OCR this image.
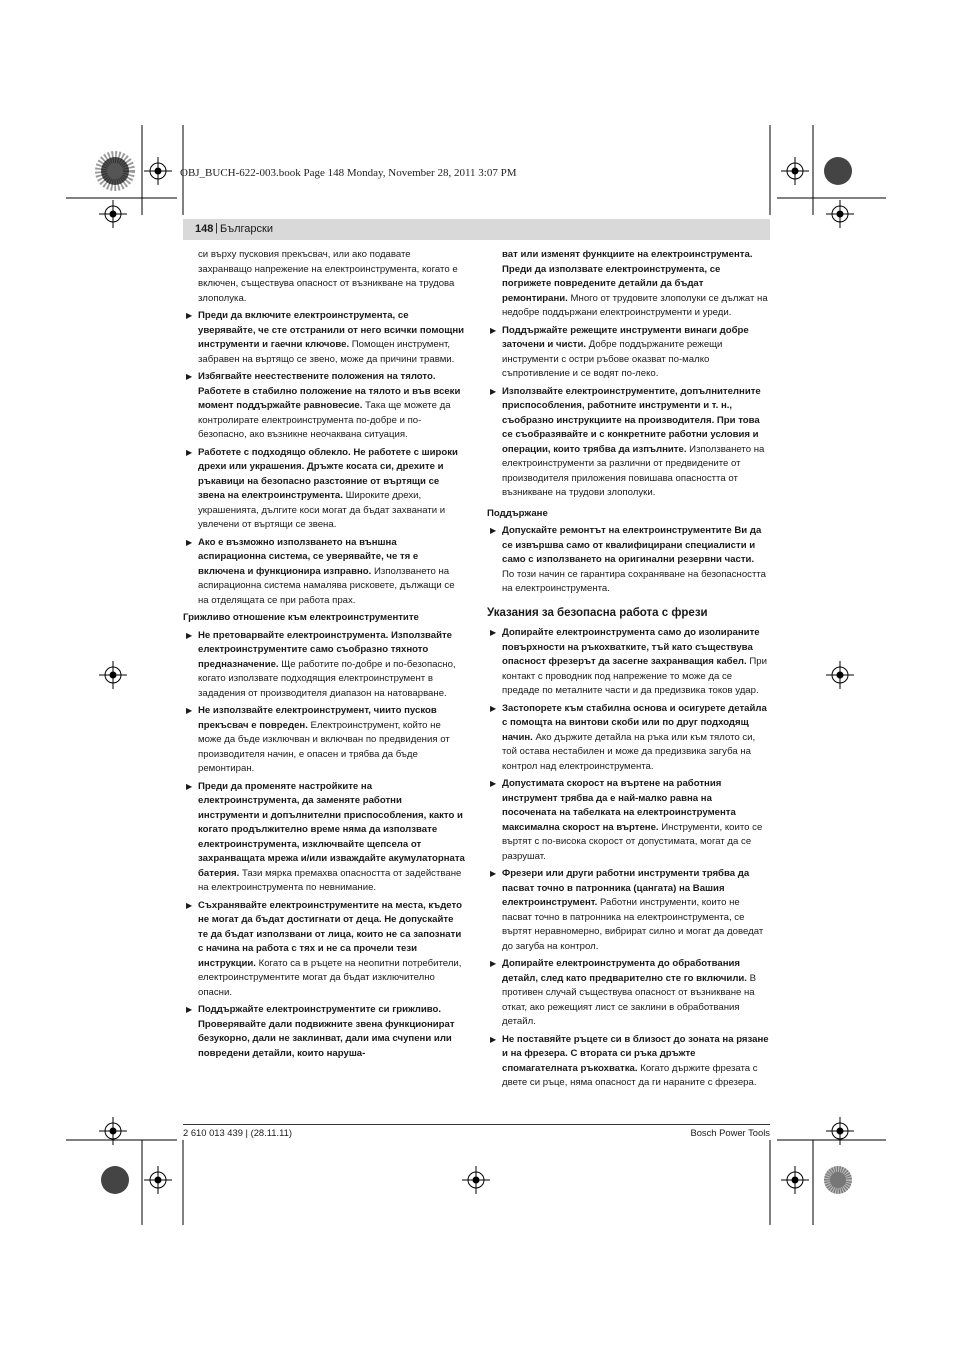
OBJ_BUCH-622-003.book Page 148 Monday, November 28, 2011 3:07 PM
148 | Български
си върху пусковия прекъсвач, или ако подавате захранващо напрежение на електроинструмента, когато е включен, съществува опасност от възникване на трудова злополука.
▶ Преди да включите електроинструмента, се уверявайте, че сте отстранили от него всички помощни инструменти и гаечни ключове. Помощен инструмент, забравен на въртящо се звено, може да причини травми.
▶ Избягвайте неестествените положения на тялото. Работете в стабилно положение на тялото и във всеки момент поддържайте равновесие. Така ще можете да контролирате електроинструмента по-добре и по-безопасно, ако възникне неочаквана ситуация.
▶ Работете с подходящо облекло. Не работете с широки дрехи или украшения. Дръжте косата си, дрехите и ръкавици на безопасно разстояние от въртящи се звена на електроинструмента. Широките дрехи, украшенията, дългите коси могат да бъдат захванати и увлечени от въртящи се звена.
▶ Ако е възможно използването на външна аспирационна система, се уверявайте, че тя е включена и функционира изправно. Използването на аспирационна система намалява рисковете, дължащи се на отделящата се при работа прах.
Грижливо отношение към електроинструментите
▶ Не претоварвайте електроинструмента. Използвайте електроинструментите само съобразно тяхното предназначение. Ще работите по-добре и по-безопасно, когато използвате подходящия електроинструмент в зададения от производителя диапазон на натоварване.
▶ Не използвайте електроинструмент, чиито пусков прекъсвач е повреден. Електроинструмент, който не може да бъде изключван и включван по предвидения от производителя начин, е опасен и трябва да бъде ремонтиран.
▶ Преди да променяте настройките на електроинструмента, да заменяте работни инструменти и допълнителни приспособления, както и когато продължително време няма да използвате електроинструмента, изключвайте щепсела от захранващата мрежа и/или изваждайте акумулаторната батерия. Тази мярка премахва опасността от задействане на електроинструмента по невнимание.
▶ Съхранявайте електроинструментите на места, където не могат да бъдат достигнати от деца. Не допускайте те да бъдат използвани от лица, които не са запознати с начина на работа с тях и не са прочели тези инструкции. Когато са в ръцете на неопитни потребители, електроинструментите могат да бъдат изключително опасни.
▶ Поддържайте електроинструментите си грижливо. Проверявайте дали подвижните звена функционират безукорно, дали не заклинват, дали има счупени или повредени детайли, които наруша-
ват или изменят функциите на електроинструмента. Преди да използвате електроинструмента, се погрижете повредените детайли да бъдат ремонтирани. Много от трудовите злополуки се дължат на недобре поддържани електроинструменти и уреди.
▶ Поддържайте режещите инструменти винаги добре заточени и чисти. Добре поддържаните режещи инструменти с остри ръбове оказват по-малко съпротивление и се водят по-леко.
▶ Използвайте електроинструментите, допълнителните приспособления, работните инструменти и т. н., съобразно инструкциите на производителя. При това се съобразявайте и с конкретните работни условия и операции, които трябва да изпълните. Използването на електроинструменти за различни от предвидените от производителя приложения повишава опасността от възникване на трудови злополуки.
Поддържане
▶ Допускайте ремонтът на електроинструментите Ви да се извършва само от квалифицирани специалисти и само с използването на оригинални резервни части. По този начин се гарантира сохраняване на безопасността на електроинструмента.
Указания за безопасна работа с фрези
▶ Допирайте електроинструмента само до изолираните повърхности на ръкохватките, тъй като съществува опасност фрезерът да засегне захранващия кабел. При контакт с проводник под напрежение то може да се предаде по металните части и да предизвика токов удар.
▶ Застопорете към стабилна основа и осигурете детайла с помощта на винтови скоби или по друг подходящ начин. Ако държите детайла на ръка или към тялото си, той остава нестабилен и може да предизвика загуба на контрол над електроинструмента.
▶ Допустимата скорост на въртене на работния инструмент трябва да е най-малко равна на посочената на табелката на електроинструмента максимална скорост на въртене. Инструменти, които се въртят с по-висока скорост от допустимата, могат да се разрушат.
▶ Фрезери или други работни инструменти трябва да пасват точно в патронника (цангата) на Вашия електроинструмент. Работни инструменти, които не пасват точно в патронника на електроинструмента, се въртят неравномерно, вибрират силно и могат да доведат до загуба на контрол.
▶ Допирайте електроинструмента до обработвания детайл, след като предварително сте го включили. В противен случай съществува опасност от възникване на откат, ако режещият лист се заклини в обработвания детайл.
▶ Не поставяйте ръцете си в близост до зоната на рязане и на фрезера. С втората си ръка дръжте спомагателната ръкохватка. Когато държите фрезата с двете си ръце, няма опасност да ги нараните с фрезера.
2 610 013 439 | (28.11.11)	Bosch Power Tools
